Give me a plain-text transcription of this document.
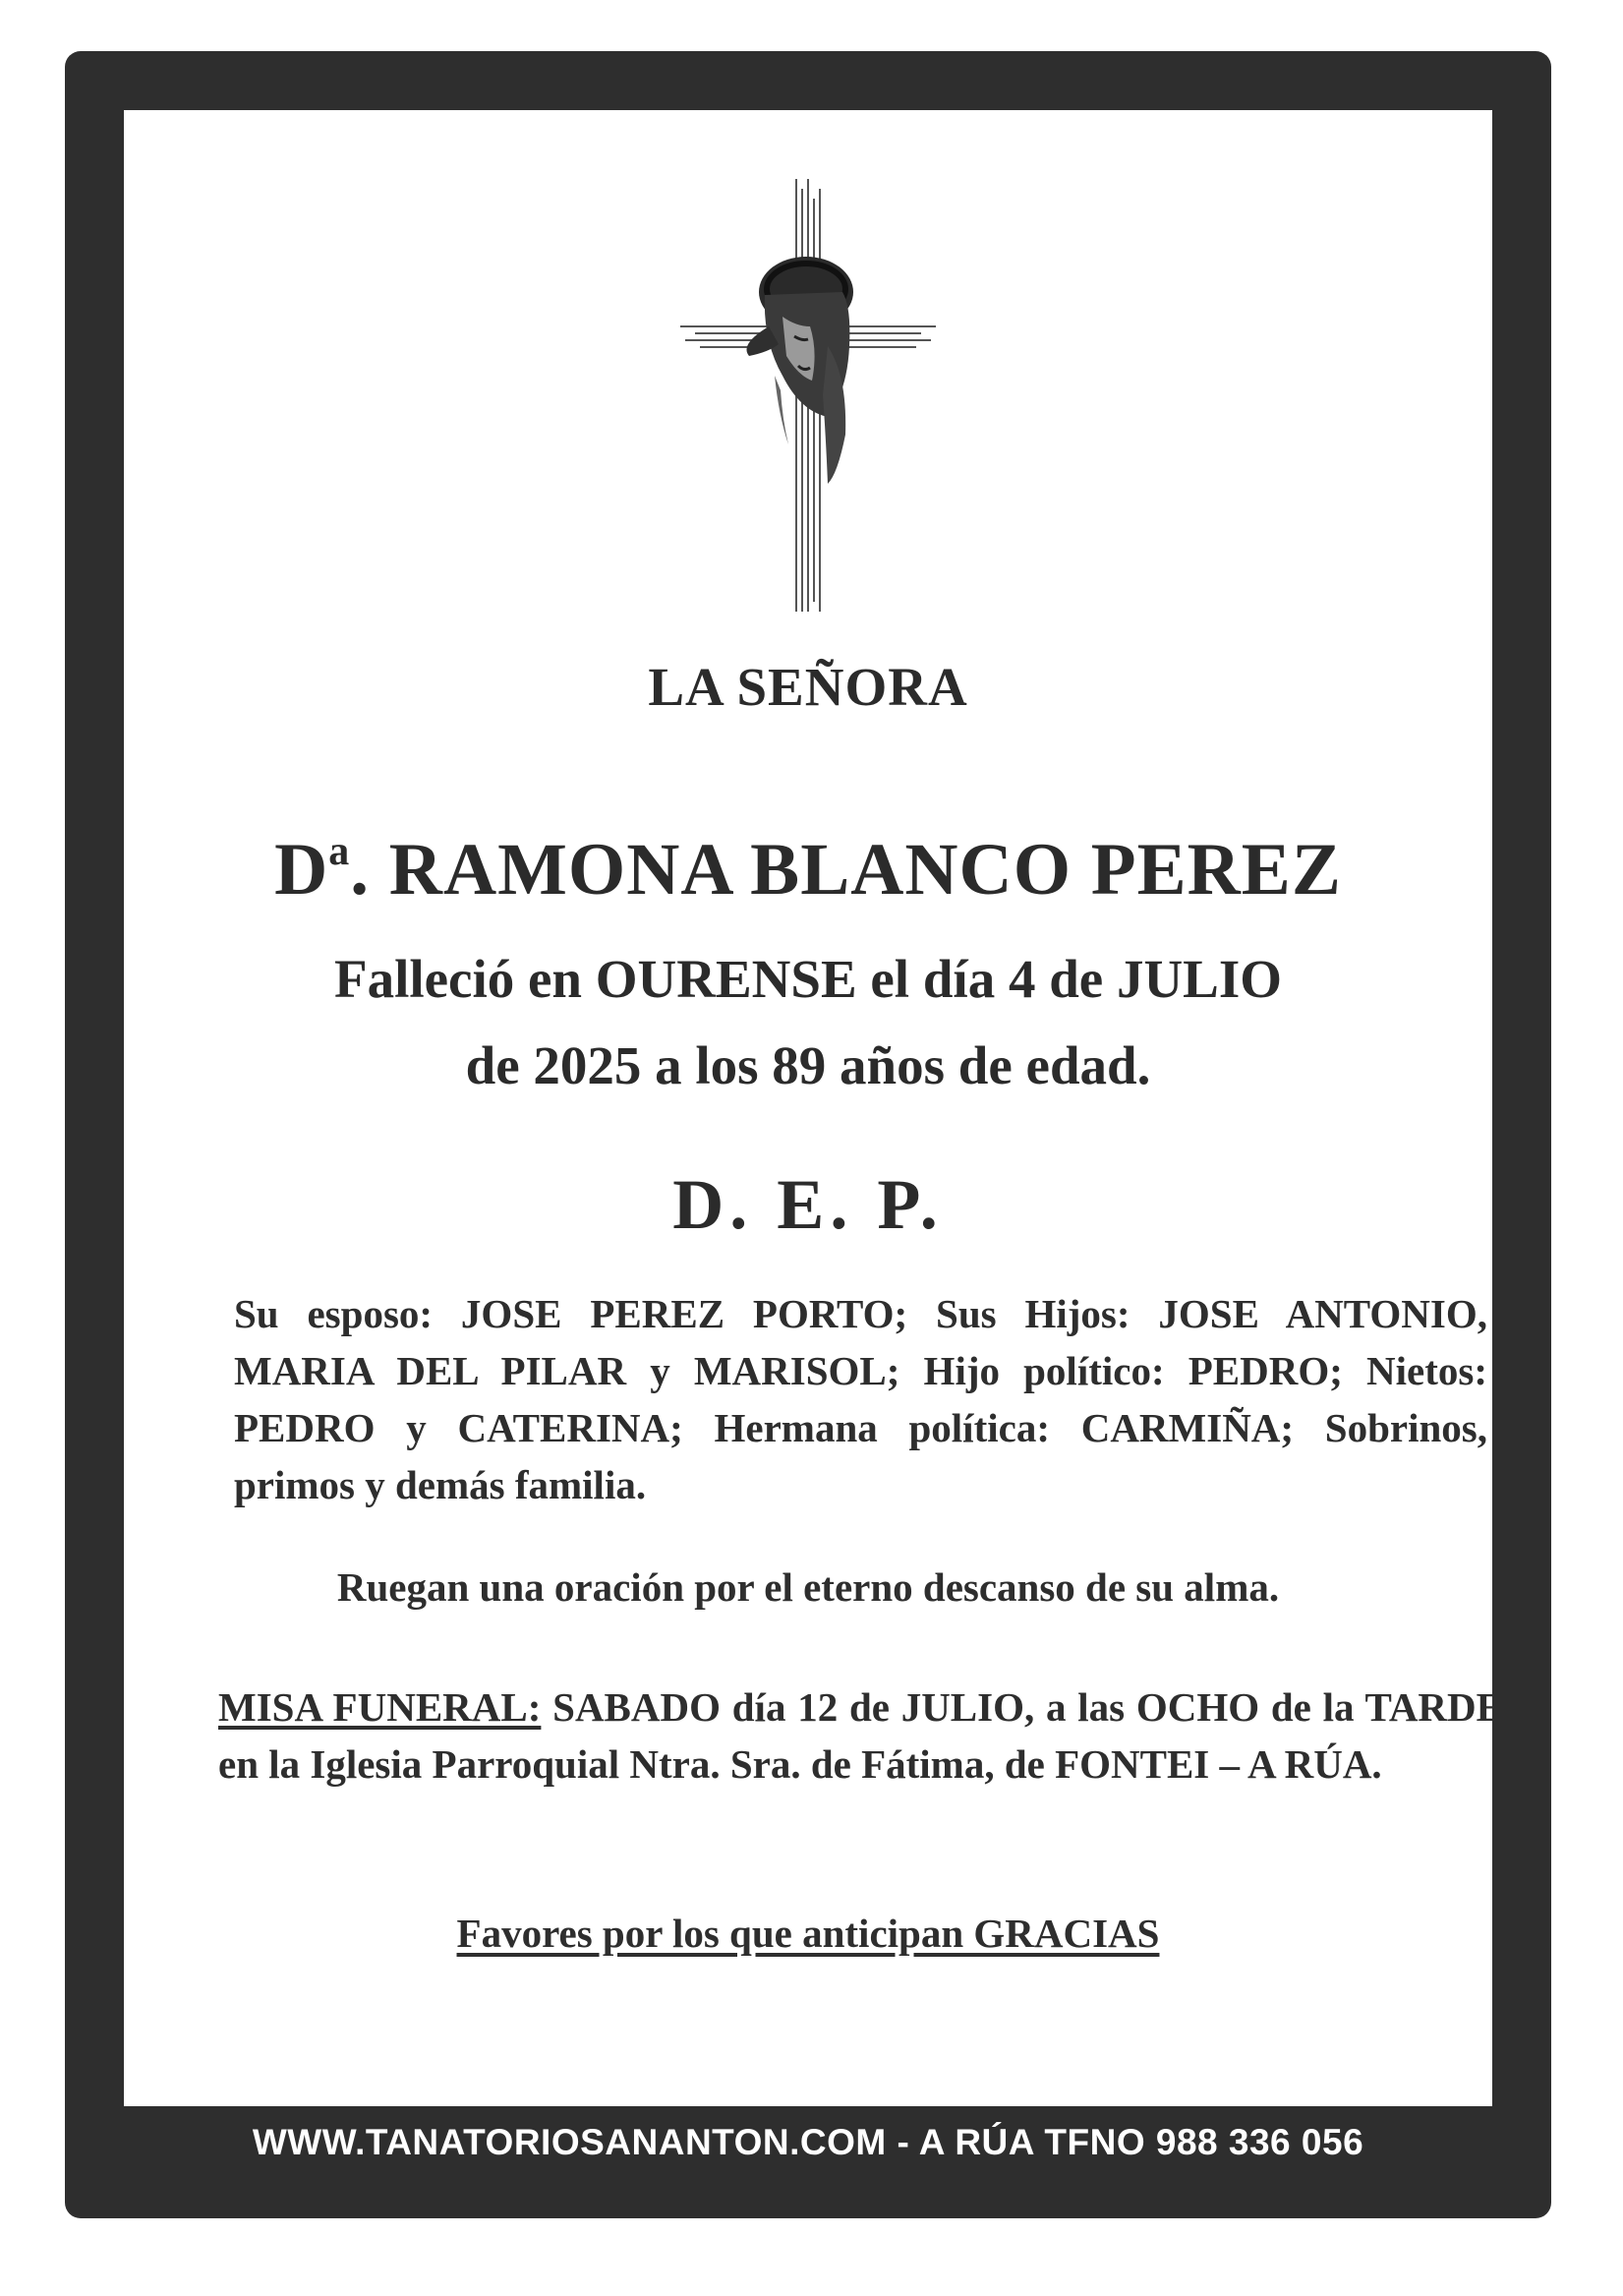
LA SEÑORA
$D^a$. RAMONA BLANCO PEREZ
Falleció en OURENSE el día 4 de JULIO
de 2025 a los 89 años de edad.
D. E. P.
Su esposo: JOSE PEREZ PORTO; Sus Hijos: JOSE ANTONIO, MARIA DEL PILAR y MARISOL; Hijo político: PEDRO; Nietos: PEDRO y CATERINA; Hermana política: CARMIÑA; Sobrinos, primos y demás familia.
Ruegan una oración por el eterno descanso de su alma.
MISA FUNERAL: SABADO día 12 de JULIO, a las OCHO de la TARDE en la Iglesia Parroquial Ntra. Sra. de Fátima, de FONTEI – A RÚA.
Favores por los que anticipan GRACIAS
WWW.TANATORIOSANANTON.COM - A RÚA TFNO 988 336 056
